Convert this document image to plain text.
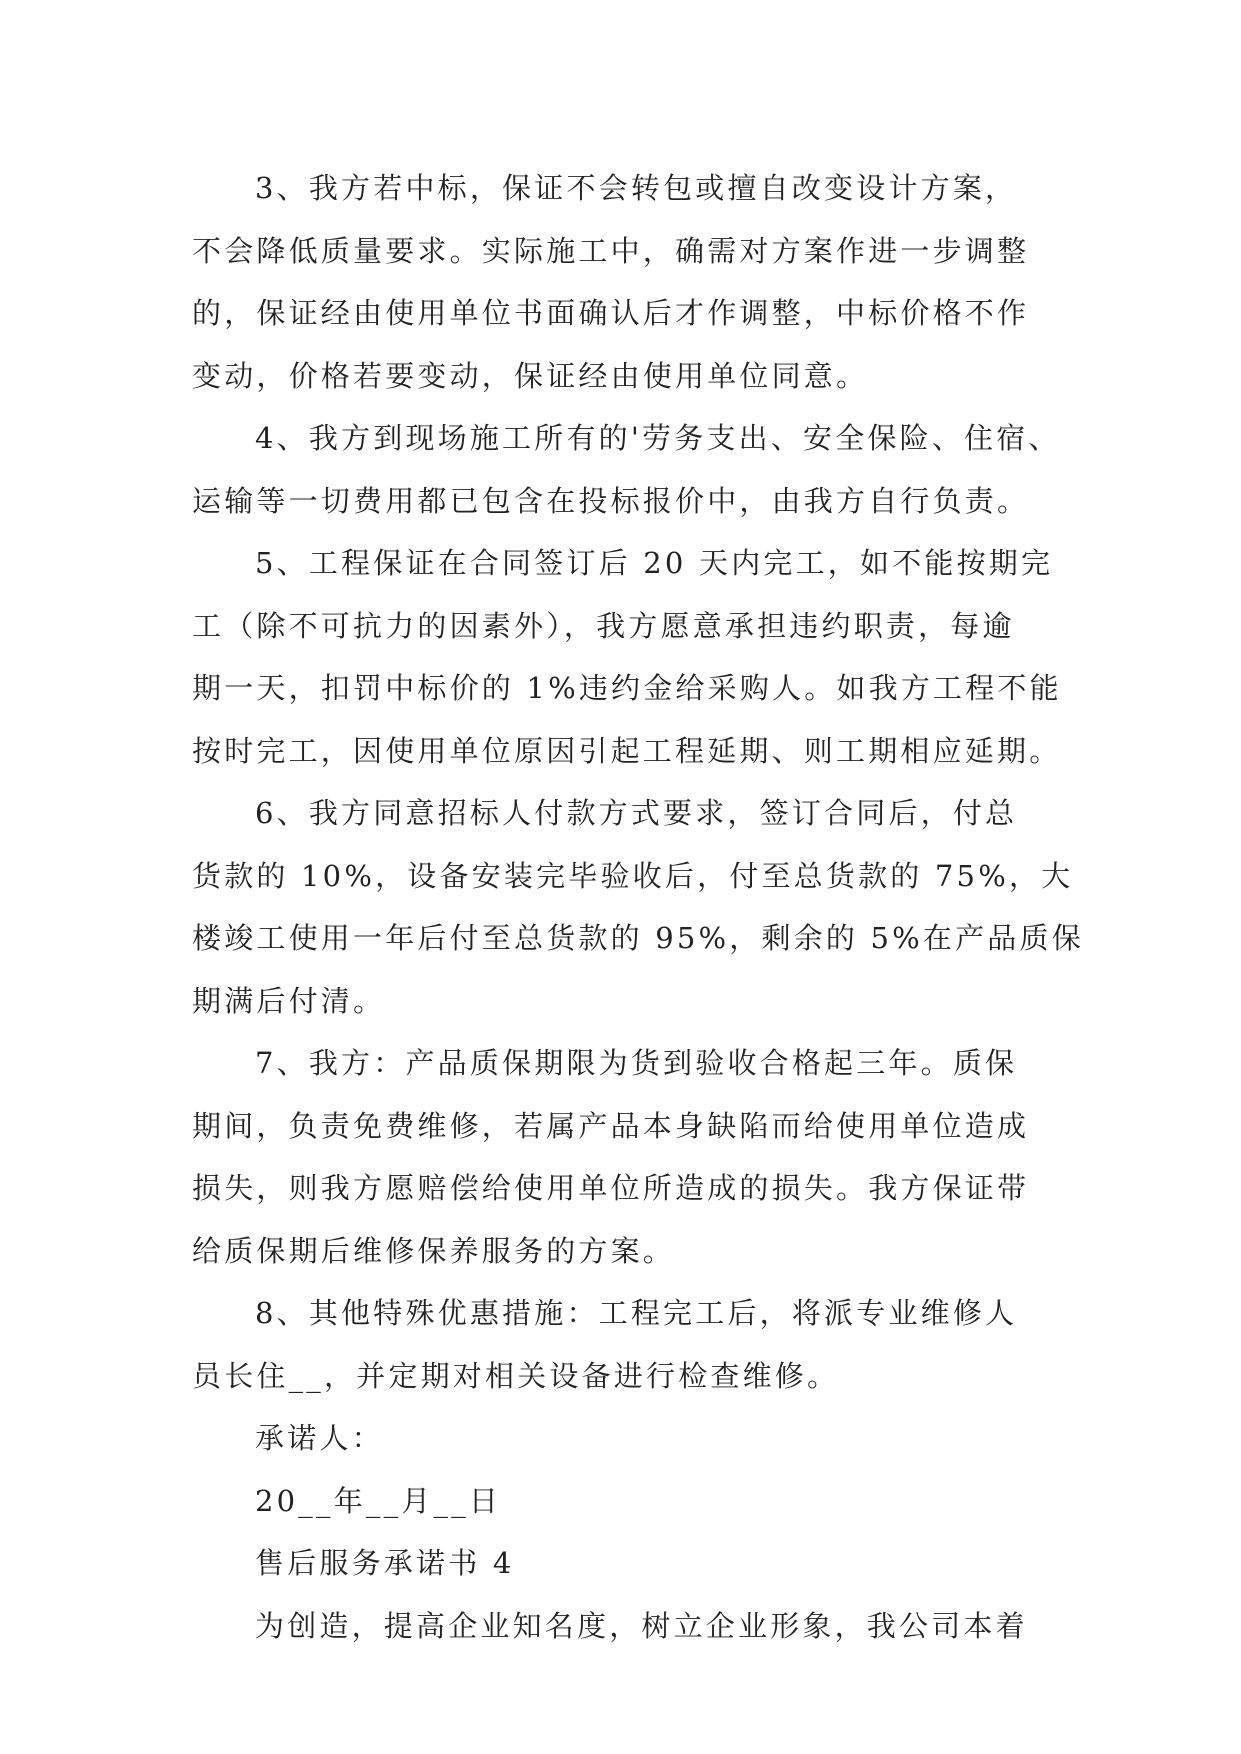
3、我方若中标，保证不会转包或擅自改变设计方案，
不会降低质量要求。实际施工中，确需对方案作进一步调整
的，保证经由使用单位书面确认后才作调整，中标价格不作
变动，价格若要变动，保证经由使用单位同意。
4、我方到现场施工所有的'劳务支出、安全保险、住宿、
运输等一切费用都已包含在投标报价中，由我方自行负责。
5、工程保证在合同签订后 20 天内完工，如不能按期完
工（除不可抗力的因素外），我方愿意承担违约职责，每逾
期一天，扣罚中标价的 1%违约金给采购人。如我方工程不能
按时完工，因使用单位原因引起工程延期、则工期相应延期。
6、我方同意招标人付款方式要求，签订合同后，付总
货款的 10%，设备安装完毕验收后，付至总货款的 75%，大
楼竣工使用一年后付至总货款的 95%，剩余的 5%在产品质保
期满后付清。
7、我方：产品质保期限为货到验收合格起三年。质保
期间，负责免费维修，若属产品本身缺陷而给使用单位造成
损失，则我方愿赔偿给使用单位所造成的损失。我方保证带
给质保期后维修保养服务的方案。
8、其他特殊优惠措施：工程完工后，将派专业维修人
员长住__，并定期对相关设备进行检查维修。
承诺人：
20__年__月__日
售后服务承诺书 4
为创造，提高企业知名度，树立企业形象，我公司本着
